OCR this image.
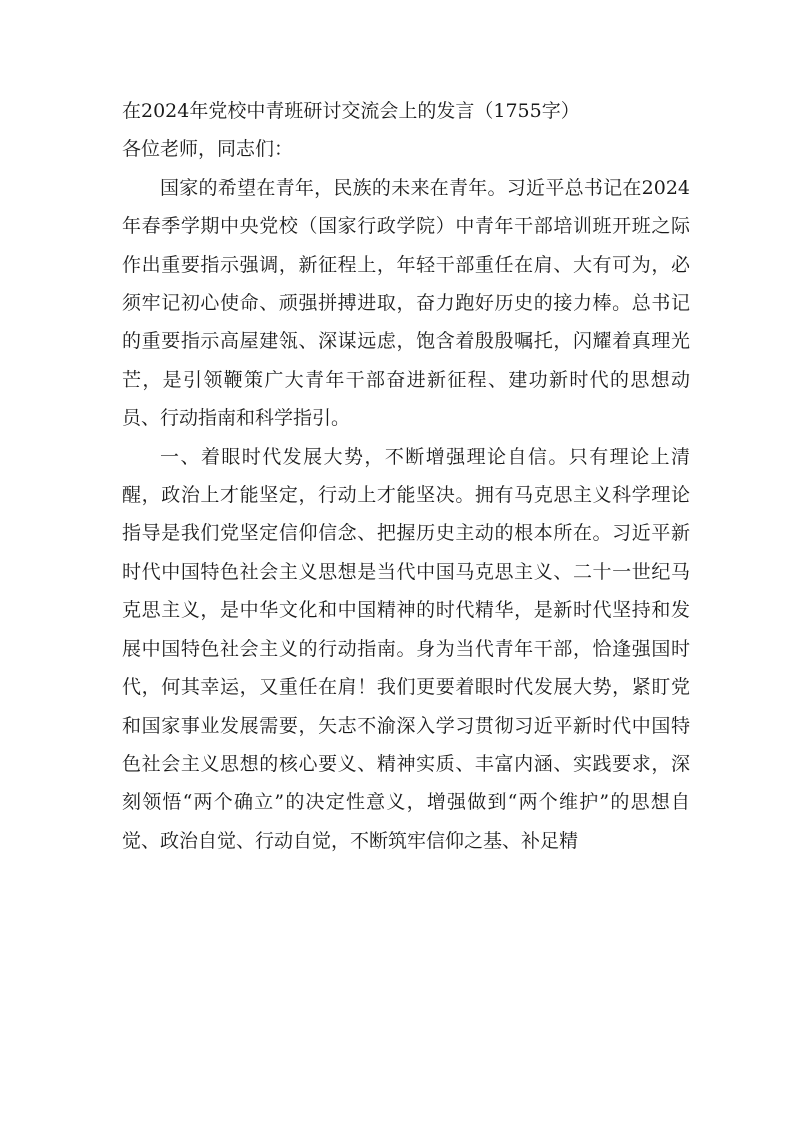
在2024年党校中青班研讨交流会上的发言（1755字）

各位老师，同志们：

国家的希望在青年，民族的未来在青年。习近平总书记在2024年春季学期中央党校（国家行政学院）中青年干部培训班开班之际作出重要指示强调，新征程上，年轻干部重任在肩、大有可为，必须牢记初心使命、顽强拼搏进取，奋力跑好历史的接力棒。总书记的重要指示高屋建瓴、深谋远虑，饱含着殷殷嘱托，闪耀着真理光芒，是引领鞭策广大青年干部奋进新征程、建功新时代的思想动员、行动指南和科学指引。

一、着眼时代发展大势，不断增强理论自信。只有理论上清醒，政治上才能坚定，行动上才能坚决。拥有马克思主义科学理论指导是我们党坚定信仰信念、把握历史主动的根本所在。习近平新时代中国特色社会主义思想是当代中国马克思主义、二十一世纪马克思主义，是中华文化和中国精神的时代精华，是新时代坚持和发展中国特色社会主义的行动指南。身为当代青年干部，恰逢强国时代，何其幸运，又重任在肩！我们更要着眼时代发展大势，紧盯党和国家事业发展需要，矢志不渝深入学习贯彻习近平新时代中国特色社会主义思想的核心要义、精神实质、丰富内涵、实践要求，深刻领悟“两个确立”的决定性意义，增强做到“两个维护”的思想自觉、政治自觉、行动自觉，不断筑牢信仰之基、补足精
